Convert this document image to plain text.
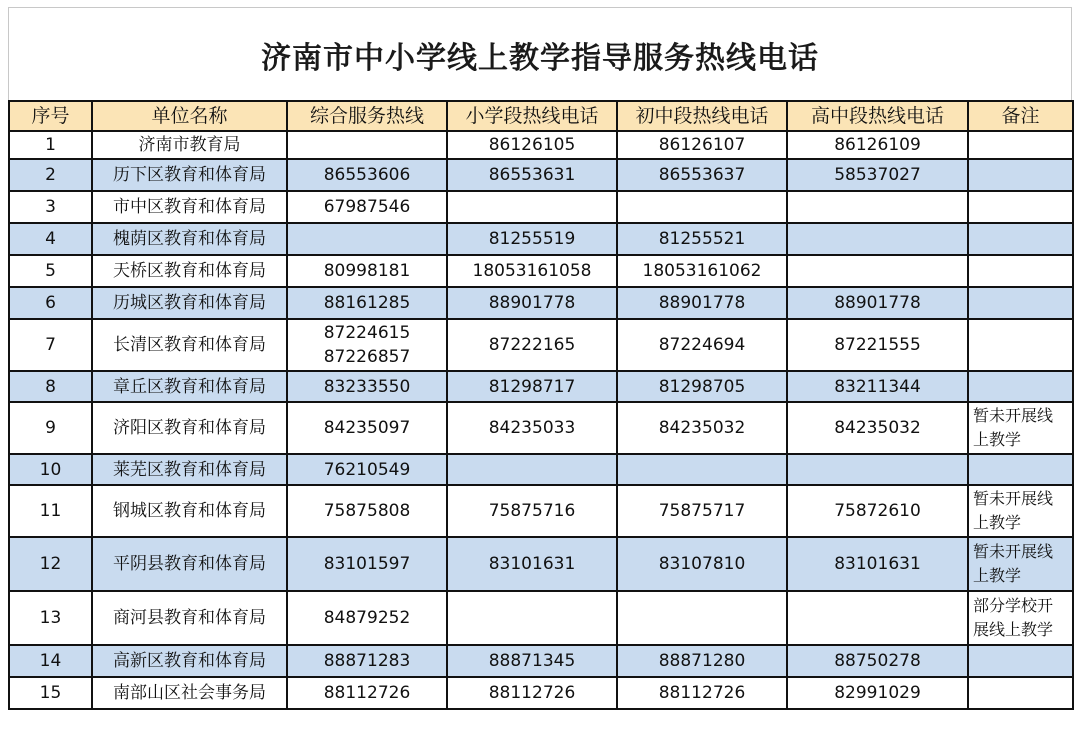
济南市中小学线上教学指导服务热线电话
序号	单位名称	综合服务热线	小学段热线电话	初中段热线电话	高中段热线电话	备注
1	济南市教育局		86126105	86126107	86126109	

2	历下区教育和体育局	86553606	86553631	86553637	58537027	

3	市中区教育和体育局	67987546				

4	槐荫区教育和体育局		81255519	81255521		

5	天桥区教育和体育局	80998181	18053161058	18053161062		

6	历城区教育和体育局	88161285	88901778	88901778	88901778	

7	长清区教育和体育局	87224615
87226857	87222165	87224694	87221555	

8	章丘区教育和体育局	83233550	81298717	81298705	83211344	

9	济阳区教育和体育局	84235097	84235033	84235032	84235032	暂未开展线
上教学

10	莱芜区教育和体育局	76210549				

11	钢城区教育和体育局	75875808	75875716	75875717	75872610	暂未开展线
上教学

12	平阴县教育和体育局	83101597	83101631	83107810	83101631	暂未开展线
上教学

13	商河县教育和体育局	84879252				部分学校开
展线上教学

14	高新区教育和体育局	88871283	88871345	88871280	88750278	

15	南部山区社会事务局	88112726	88112726	88112726	82991029	
